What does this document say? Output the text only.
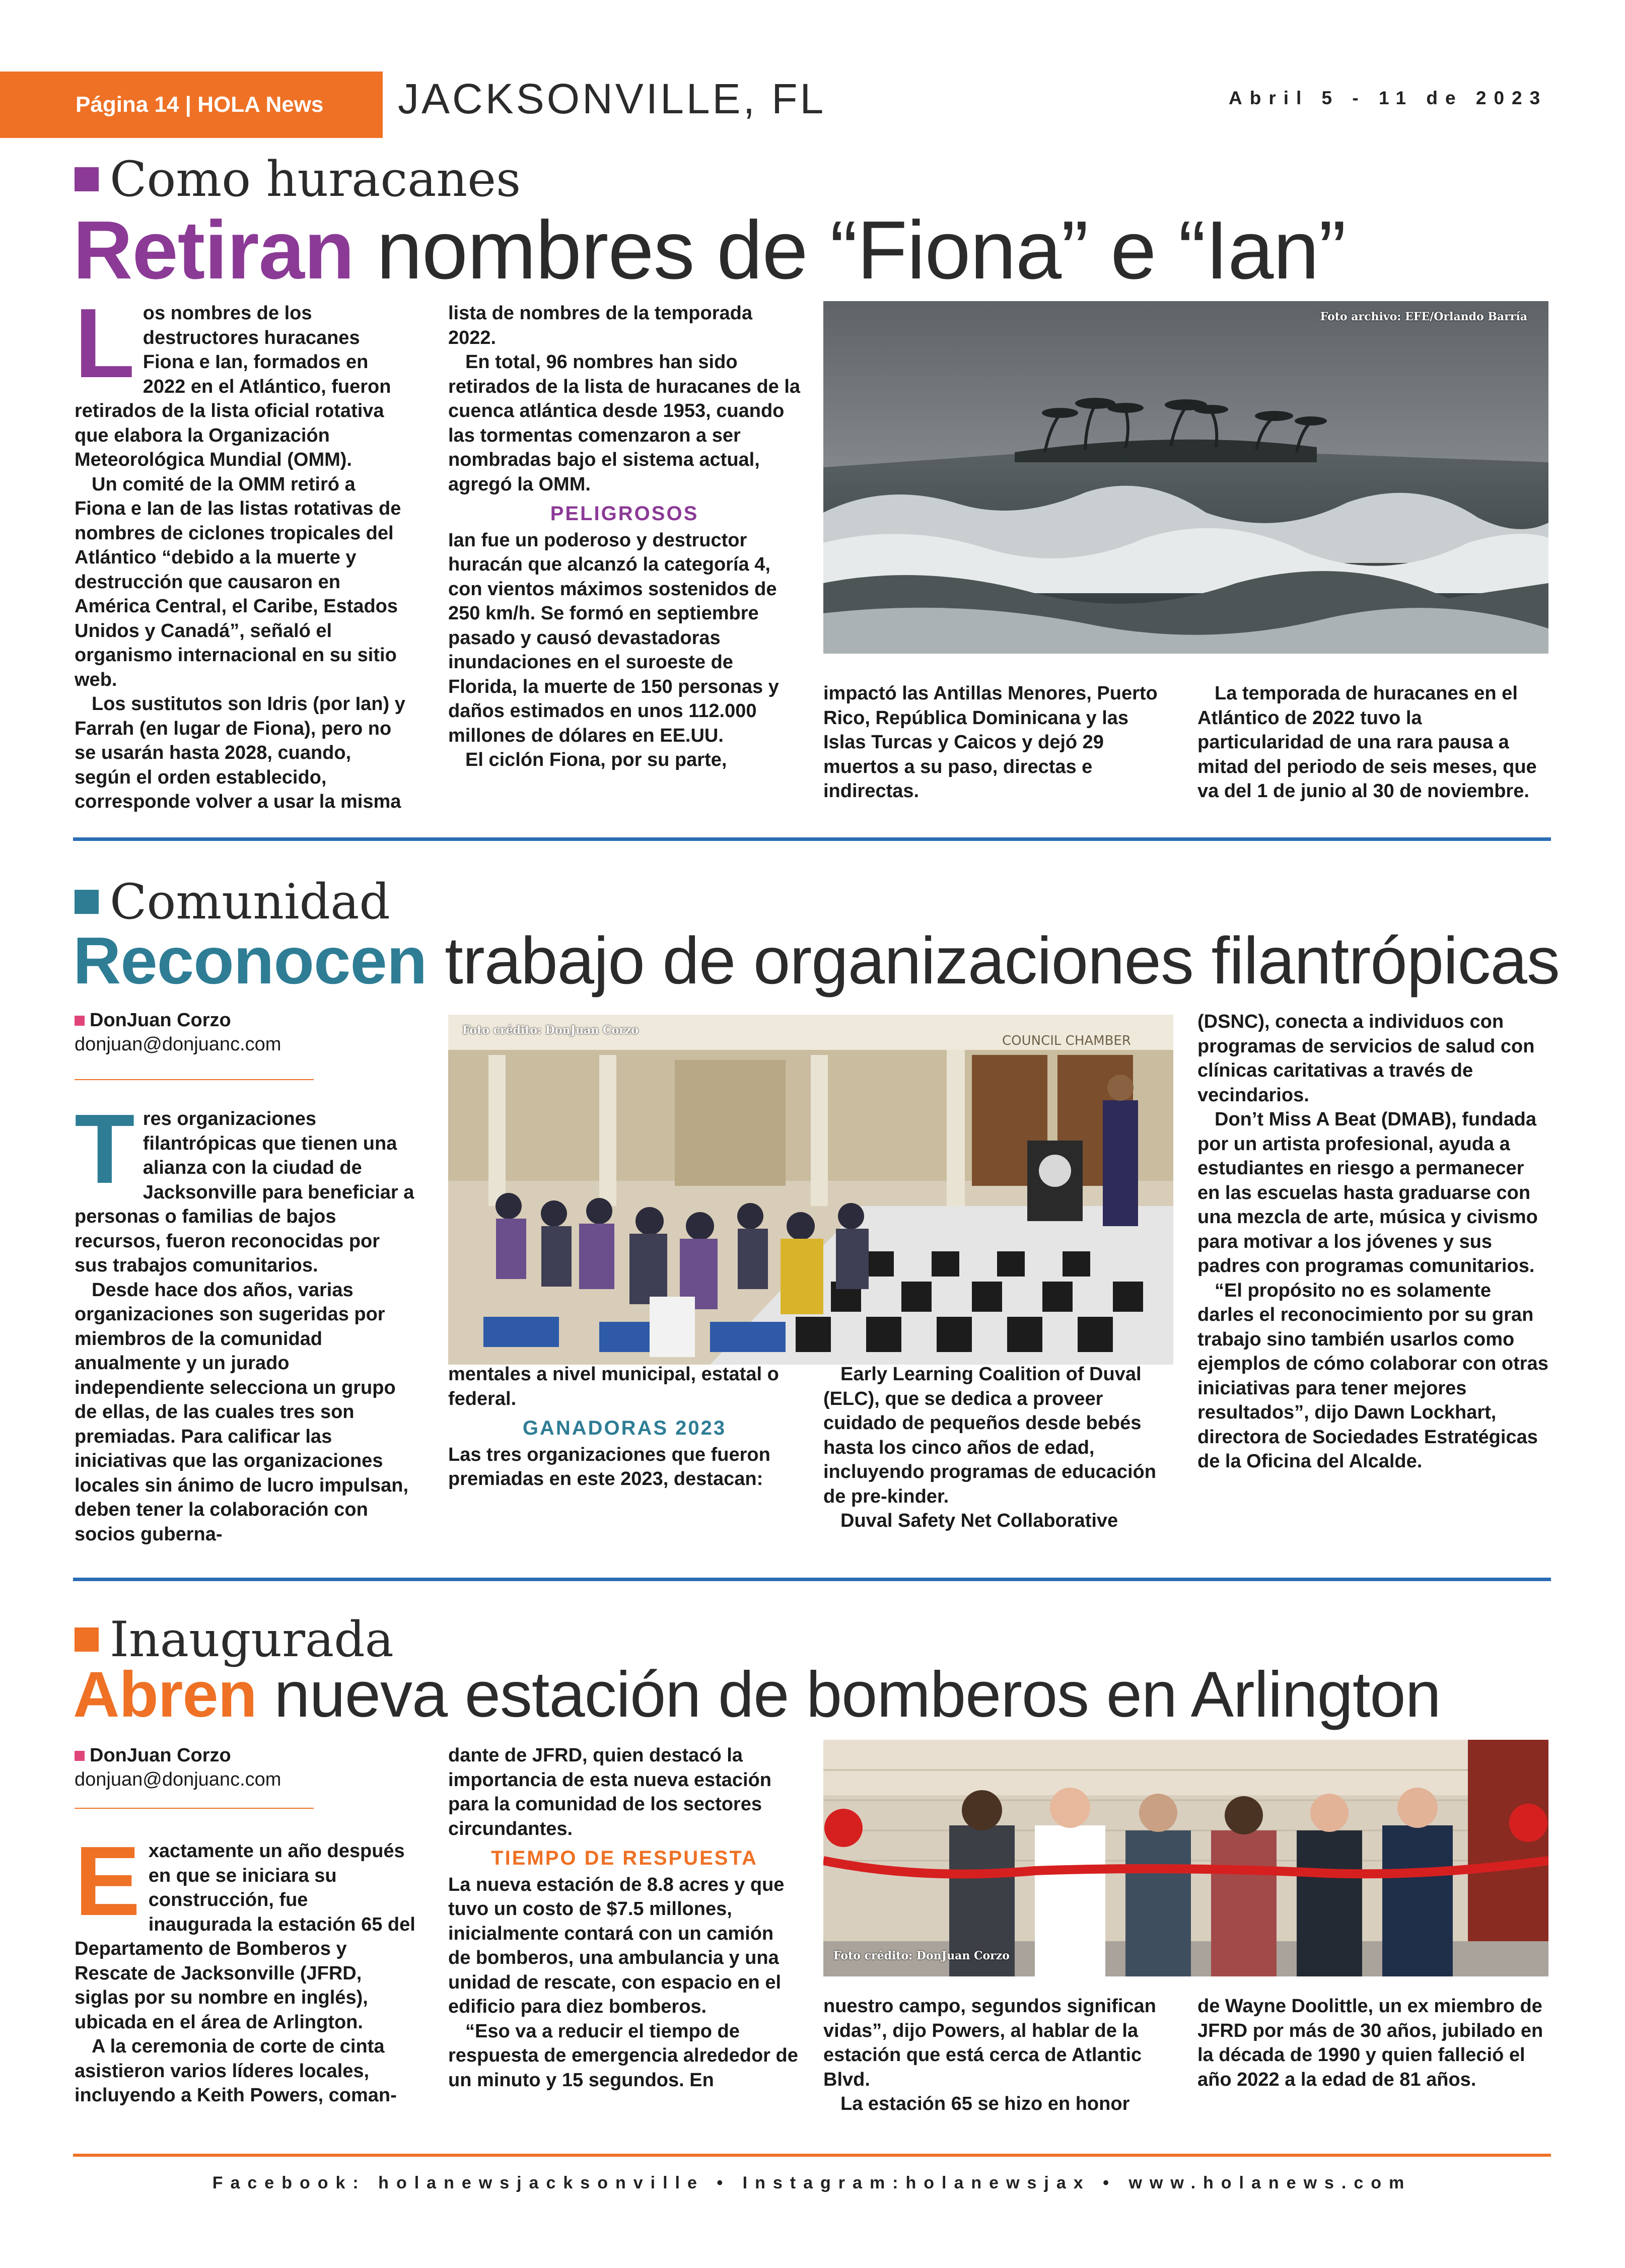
Página 14 | HOLA News JACKSONVILLE, FL	Abril 5 - 11 de 2023
Como huracanes
Retiran nombres de “Fiona” e “Ian”
L os nombres de los destructores huracanes Fiona e Ian, formados en 2022 en el Atlántico, fueron retirados de la lista oficial rotativa que elabora la Organización Meteorológica Mundial (OMM).

Un comité de la OMM retiró a Fiona e Ian de las listas rotativas de nombres de ciclones tropicales del Atlántico “debido a la muerte y destrucción que causaron en América Central, el Caribe, Estados Unidos y Canadá”, señaló el organismo internacional en su sitio web.

Los sustitutos son Idris (por Ian) y Farrah (en lugar de Fiona), pero no se usarán hasta 2028, cuando, según el orden establecido, corresponde volver a usar la misma

lista de nombres de la temporada 2022.

En total, 96 nombres han sido retirados de la lista de huracanes de la cuenca atlántica desde 1953, cuando las tormentas comenzaron a ser nombradas bajo el sistema actual, agregó la OMM.

PELIGROSOS

Ian fue un poderoso y destructor huracán que alcanzó la categoría 4, con vientos máximos sostenidos de 250 km/h. Se formó en septiembre pasado y causó devastadoras inundaciones en el suroeste de Florida, la muerte de 150 personas y daños estimados en unos 112.000 millones de dólares en EE.UU.

El ciclón Fiona, por su parte,

Foto archivo: EFE/Orlando Barría

impactó las Antillas Menores, Puerto Rico, República Dominicana y las Islas Turcas y Caicos y dejó 29 muertos a su paso, directas e indirectas.

La temporada de huracanes en el Atlántico de 2022 tuvo la particularidad de una rara pausa a mitad del periodo de seis meses, que va del 1 de junio al 30 de noviembre.

Comunidad
Reconocen trabajo de organizaciones filantrópicas
DonJuan Corzo
donjuan@donjuanc.com
T res organizaciones filantrópicas que tienen una alianza con la ciudad de Jacksonville para beneficiar a personas o familias de bajos recursos, fueron reconocidas por sus trabajos comunitarios.

Desde hace dos años, varias organizaciones son sugeridas por miembros de la comunidad anualmente y un jurado independiente selecciona un grupo de ellas, de las cuales tres son premiadas. Para calificar las iniciativas que las organizaciones locales sin ánimo de lucro impulsan, deben tener la colaboración con socios guberna-

COUNCIL CHAMBER
Foto crédito: DonJuan Corzo

mentales a nivel municipal, estatal o federal.

GANADORAS 2023

Las tres organizaciones que fueron premiadas en este 2023, destacan:

Early Learning Coalition of Duval (ELC), que se dedica a proveer cuidado de pequeños desde bebés hasta los cinco años de edad, incluyendo programas de educación de pre-kinder.

Duval Safety Net Collaborative

(DSNC), conecta a individuos con programas de servicios de salud con clínicas caritativas a través de vecindarios.

Don’t Miss A Beat (DMAB), fundada por un artista profesional, ayuda a estudiantes en riesgo a permanecer en las escuelas hasta graduarse con una mezcla de arte, música y civismo para motivar a los jóvenes y sus padres con programas comunitarios.

“El propósito no es solamente darles el reconocimiento por su gran trabajo sino también usarlos como ejemplos de cómo colaborar con otras iniciativas para tener mejores resultados”, dijo Dawn Lockhart, directora de Sociedades Estratégicas de la Oficina del Alcalde.

Inaugurada
Abren nueva estación de bomberos en Arlington
DonJuan Corzo
donjuan@donjuanc.com
E xactamente un año después en que se iniciara su construcción, fue inaugurada la estación 65 del Departamento de Bomberos y Rescate de Jacksonville (JFRD, siglas por su nombre en inglés), ubicada en el área de Arlington.

A la ceremonia de corte de cinta asistieron varios líderes locales, incluyendo a Keith Powers, coman-

dante de JFRD, quien destacó la importancia de esta nueva estación para la comunidad de los sectores circundantes.

TIEMPO DE RESPUESTA

La nueva estación de 8.8 acres y que tuvo un costo de $7.5 millones, inicialmente contará con un camión de bomberos, una ambulancia y una unidad de rescate, con espacio en el edificio para diez bomberos.

“Eso va a reducir el tiempo de respuesta de emergencia alrededor de un minuto y 15 segundos. En

Foto crédito: DonJuan Corzo

nuestro campo, segundos significan vidas”, dijo Powers, al hablar de la estación que está cerca de Atlantic Blvd.

La estación 65 se hizo en honor

de Wayne Doolittle, un ex miembro de JFRD por más de 30 años, jubilado en la década de 1990 y quien falleció el año 2022 a la edad de 81 años.

Facebook: holanewsjacksonville • Instagram:holanewsjax • www.holanews.com
